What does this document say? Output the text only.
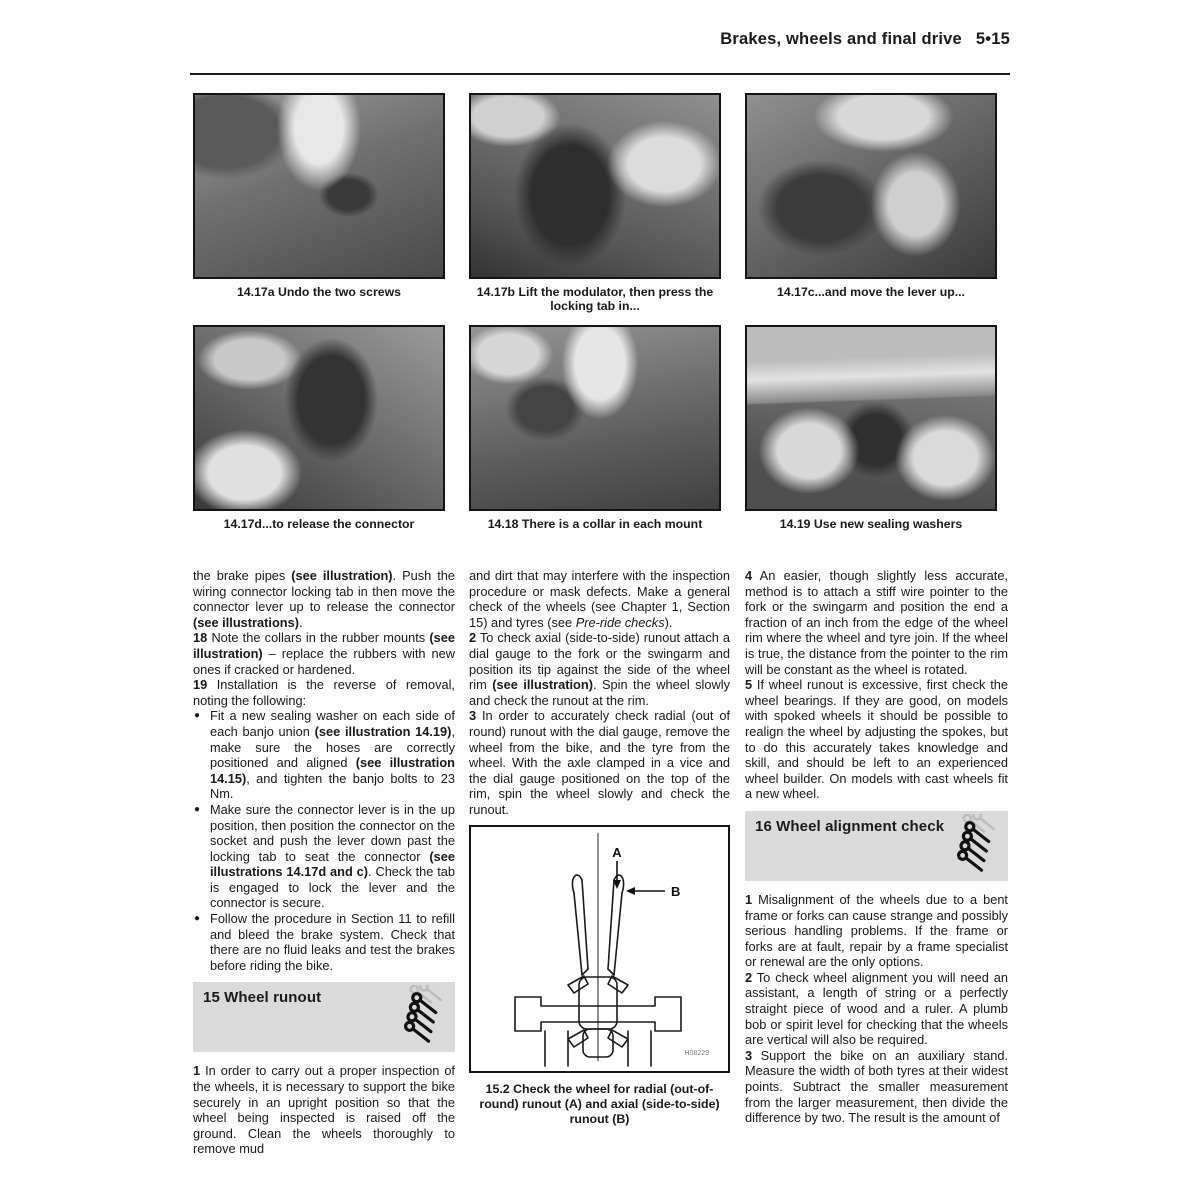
Brakes, wheels and final drive 5•15
14.17a Undo the two screws	14.17b Lift the modulator, then press the locking tab in...
14.17c...and move the lever up...
14.17d...to release the connector	14.18 There is a collar in each mount	14.19 Use new sealing washers

the brake pipes (see illustration). Push the wiring connector locking tab in then move the connector lever up to release the connector (see illustrations).

18 Note the collars in the rubber mounts (see illustration) – replace the rubbers with new ones if cracked or hardened.

19 Installation is the reverse of removal, noting the following:

● Fit a new sealing washer on each side of each banjo union (see illustration 14.19), make sure the hoses are correctly positioned and aligned (see illustration 14.15), and tighten the banjo bolts to 23 Nm.
● Make sure the connector lever is in the up position, then position the connector on the socket and push the lever down past the locking tab to seat the connector (see illustrations 14.17d and c). Check the tab is engaged to lock the lever and the connector is secure.
● Follow the procedure in Section 11 to refill and bleed the brake system. Check that there are no fluid leaks and test the brakes before riding the bike.
15 Wheel runout

1 In order to carry out a proper inspection of the wheels, it is necessary to support the bike securely in an upright position so that the wheel being inspected is raised off the ground. Clean the wheels thoroughly to remove mud

and dirt that may interfere with the inspection procedure or mask defects. Make a general check of the wheels (see Chapter 1, Section 15) and tyres (see Pre-ride checks).

2 To check axial (side-to-side) runout attach a dial gauge to the fork or the swingarm and position its tip against the side of the wheel rim (see illustration). Spin the wheel slowly and check the runout at the rim.

3 In order to accurately check radial (out of round) runout with the dial gauge, remove the wheel from the bike, and the tyre from the wheel. With the axle clamped in a vice and the dial gauge positioned on the top of the rim, spin the wheel slowly and check the runout.

A
B
H08229
15.2 Check the wheel for radial (out-of-round) runout (A) and axial (side-to-side) runout (B)

4 An easier, though slightly less accurate, method is to attach a stiff wire pointer to the fork or the swingarm and position the end a fraction of an inch from the edge of the wheel rim where the wheel and tyre join. If the wheel is true, the distance from the pointer to the rim will be constant as the wheel is rotated.

5 If wheel runout is excessive, first check the wheel bearings. If they are good, on models with spoked wheels it should be possible to realign the wheel by adjusting the spokes, but to do this accurately takes knowledge and skill, and should be left to an experienced wheel builder. On models with cast wheels fit a new wheel.

16 Wheel alignment check

1 Misalignment of the wheels due to a bent frame or forks can cause strange and possibly serious handling problems. If the frame or forks are at fault, repair by a frame specialist or renewal are the only options.

2 To check wheel alignment you will need an assistant, a length of string or a perfectly straight piece of wood and a ruler. A plumb bob or spirit level for checking that the wheels are vertical will also be required.

3 Support the bike on an auxiliary stand. Measure the width of both tyres at their widest points. Subtract the smaller measurement from the larger measurement, then divide the difference by two. The result is the amount of
